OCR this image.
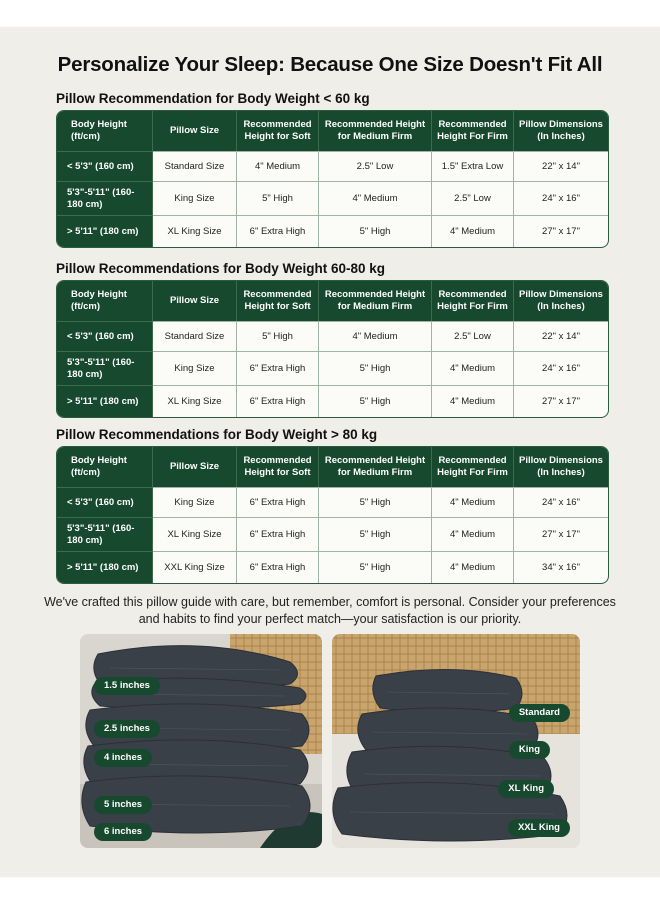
Personalize Your Sleep: Because One Size Doesn't Fit All
Pillow Recommendation for Body Weight < 60 kg
Body Height (ft/cm)	Pillow Size	Recommended Height for Soft	Recommended Height for Medium Firm	Recommended Height For Firm	Pillow Dimensions (In Inches)
< 5'3" (160 cm)	Standard Size	4" Medium	2.5" Low	1.5" Extra Low	22" x 14"
5'3"-5'11" (160-180 cm)	King Size	5" High	4" Medium	2.5" Low	24" x 16"
> 5'11" (180 cm)	XL King Size	6" Extra High	5" High	4" Medium	27" x 17"
Pillow Recommendations for Body Weight 60-80 kg
Body Height (ft/cm)	Pillow Size	Recommended Height for Soft	Recommended Height for Medium Firm	Recommended Height For Firm	Pillow Dimensions (In Inches)
< 5'3" (160 cm)	Standard Size	5" High	4" Medium	2.5" Low	22" x 14"
5'3"-5'11" (160-180 cm)	King Size	6" Extra High	5" High	4" Medium	24" x 16"
> 5'11" (180 cm)	XL King Size	6" Extra High	5" High	4" Medium	27" x 17"
Pillow Recommendations for Body Weight > 80 kg
Body Height (ft/cm)	Pillow Size	Recommended Height for Soft	Recommended Height for Medium Firm	Recommended Height For Firm	Pillow Dimensions (In Inches)
< 5'3" (160 cm)	King Size	6" Extra High	5" High	4" Medium	24" x 16"
5'3"-5'11" (160-180 cm)	XL King Size	6" Extra High	5" High	4" Medium	27" x 17"
> 5'11" (180 cm)	XXL King Size	6" Extra High	5" High	4" Medium	34" x 16"
We've crafted this pillow guide with care, but remember, comfort is personal. Consider your preferences and habits to find your perfect match—your satisfaction is our priority.
1.5 inches
2.5 inches
4 inches
5 inches
6 inches
Standard
King
XL King
XXL King
